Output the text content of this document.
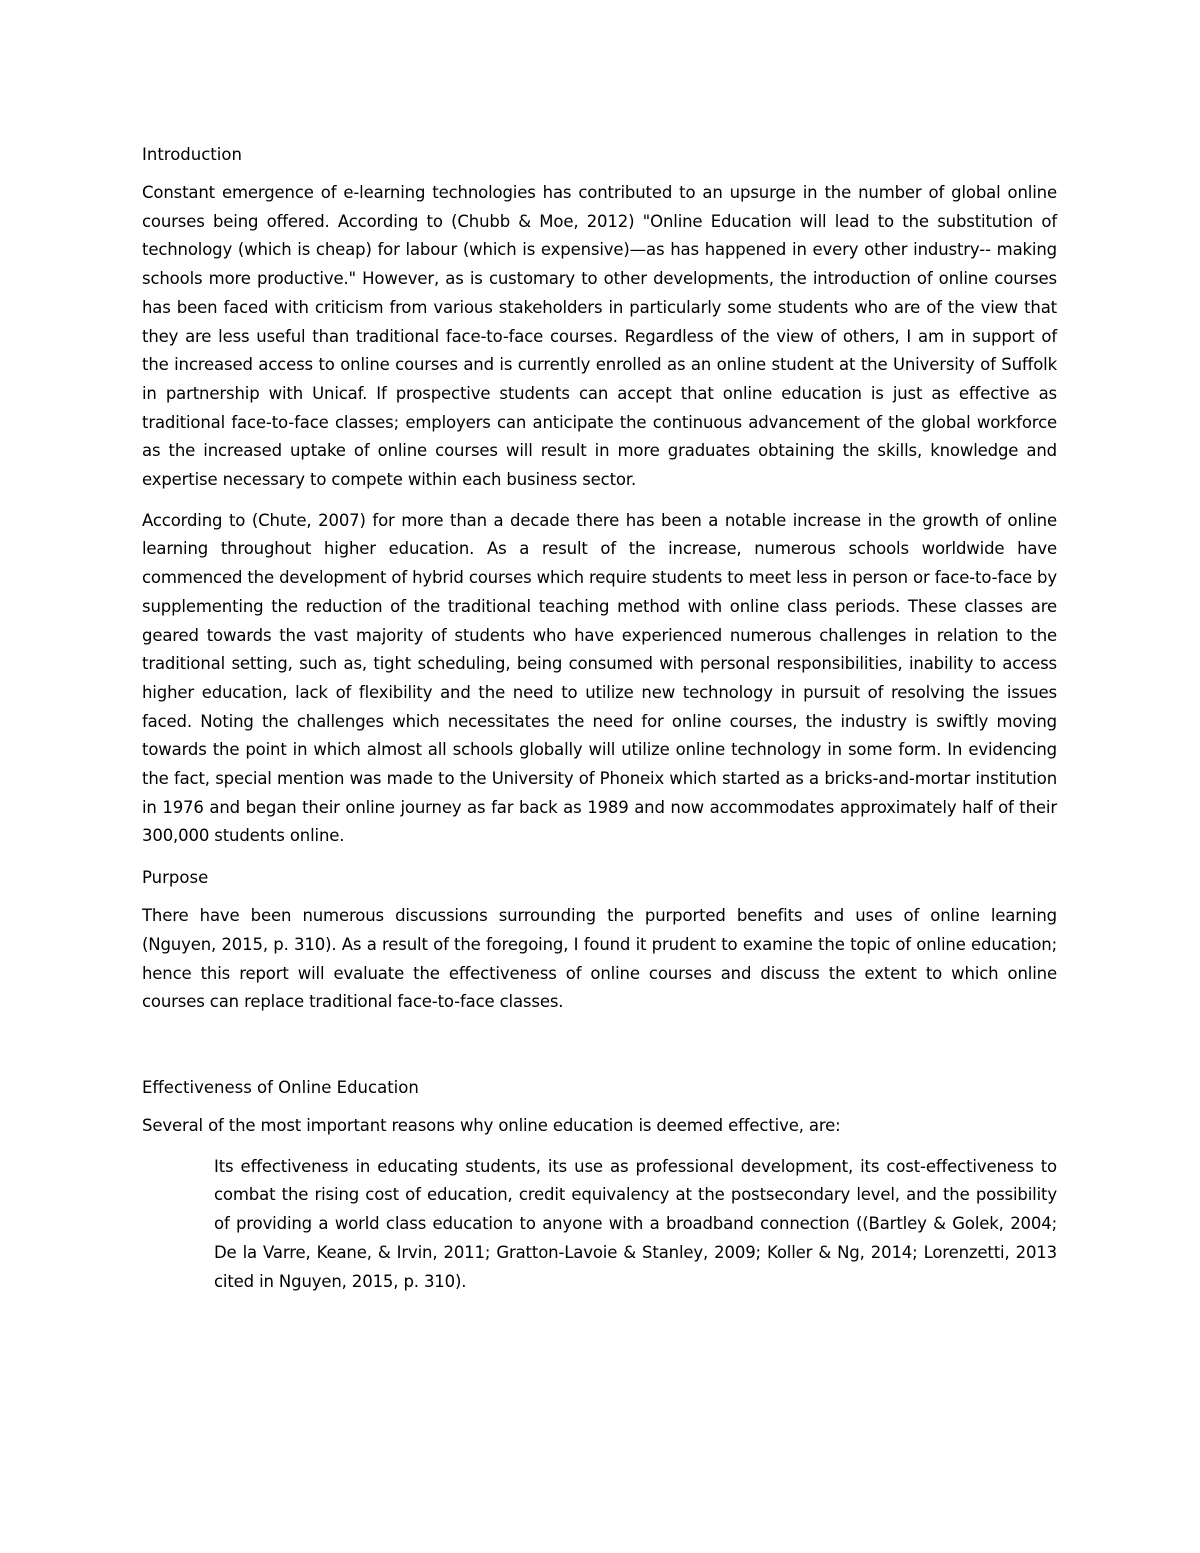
Introduction

Constant emergence of e-learning technologies has contributed to an upsurge in the number of global online courses being offered. According to (Chubb & Moe, 2012) "Online Education will lead to the substitution of technology (which is cheap) for labour (which is expensive)—as has happened in every other industry-- making schools more productive." However, as is customary to other developments, the introduction of online courses has been faced with criticism from various stakeholders in particularly some students who are of the view that they are less useful than traditional face-to-face courses. Regardless of the view of others, I am in support of the increased access to online courses and is currently enrolled as an online student at the University of Suffolk in partnership with Unicaf. If prospective students can accept that online education is just as effective as traditional face-to-face classes; employers can anticipate the continuous advancement of the global workforce as the increased uptake of online courses will result in more graduates obtaining the skills, knowledge and expertise necessary to compete within each business sector.

According to (Chute, 2007) for more than a decade there has been a notable increase in the growth of online learning throughout higher education. As a result of the increase, numerous schools worldwide have commenced the development of hybrid courses which require students to meet less in person or face-to-face by supplementing the reduction of the traditional teaching method with online class periods. These classes are geared towards the vast majority of students who have experienced numerous challenges in relation to the traditional setting, such as, tight scheduling, being consumed with personal responsibilities, inability to access higher education, lack of flexibility and the need to utilize new technology in pursuit of resolving the issues faced. Noting the challenges which necessitates the need for online courses, the industry is swiftly moving towards the point in which almost all schools globally will utilize online technology in some form. In evidencing the fact, special mention was made to the University of Phoneix which started as a bricks-and-mortar institution in 1976 and began their online journey as far back as 1989 and now accommodates approximately half of their 300,000 students online.

Purpose

There have been numerous discussions surrounding the purported benefits and uses of online learning (Nguyen, 2015, p. 310). As a result of the foregoing, I found it prudent to examine the topic of online education; hence this report will evaluate the effectiveness of online courses and discuss the extent to which online courses can replace traditional face-to-face classes.

Effectiveness of Online Education

Several of the most important reasons why online education is deemed effective, are:

Its effectiveness in educating students, its use as professional development, its cost-effectiveness to combat the rising cost of education, credit equivalency at the postsecondary level, and the possibility of providing a world class education to anyone with a broadband connection ((Bartley & Golek, 2004; De la Varre, Keane, & Irvin, 2011; Gratton-Lavoie & Stanley, 2009; Koller & Ng, 2014; Lorenzetti, 2013 cited in Nguyen, 2015, p. 310).
